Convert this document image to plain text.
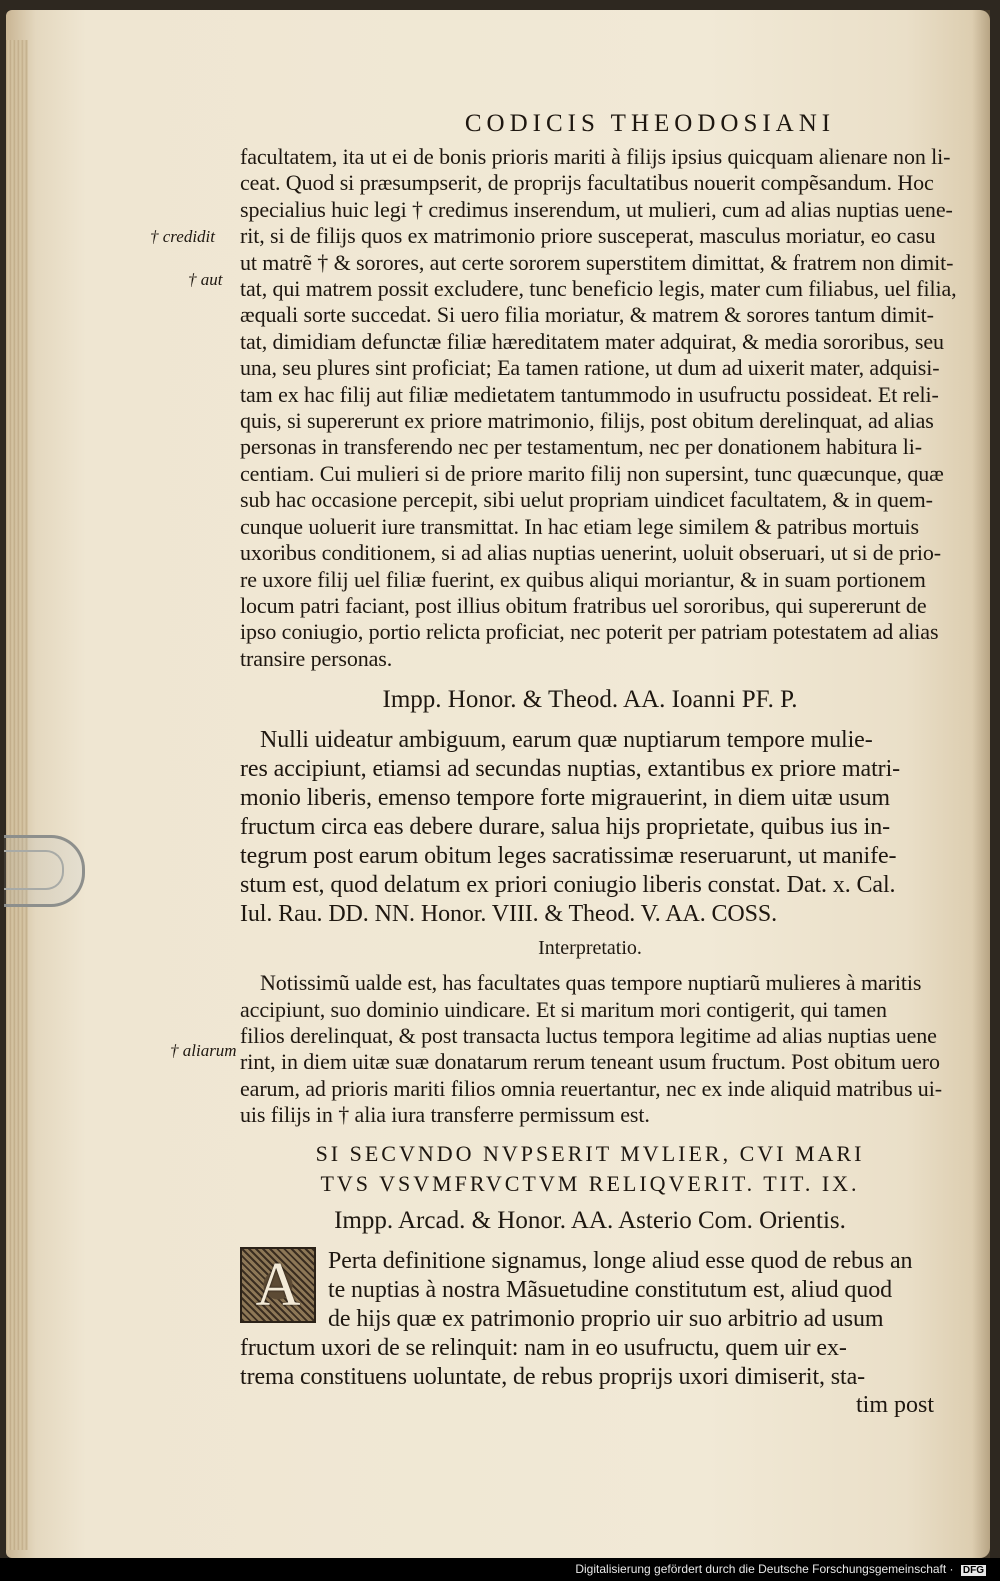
† credidit
† aut
† aliarum
CODICIS THEODOSIANI
facultatem, ita ut ei de bonis prioris mariti à filijs ipsius quicquam alienare non li-
ceat. Quod si præsumpserit, de proprijs facultatibus nouerit compẽsandum. Hoc
specialius huic legi † credimus inserendum, ut mulieri, cum ad alias nuptias uene-
rit, si de filijs quos ex matrimonio priore susceperat, masculus moriatur, eo casu
ut matrẽ † & sorores, aut certe sororem superstitem dimittat, & fratrem non dimit-
tat, qui matrem possit excludere, tunc beneficio legis, mater cum filiabus, uel filia,
æquali sorte succedat. Si uero filia moriatur, & matrem & sorores tantum dimit-
tat, dimidiam defunctæ filiæ hæreditatem mater adquirat, & media sororibus, seu
una, seu plures sint proficiat; Ea tamen ratione, ut dum ad uixerit mater, adquisi-
tam ex hac filij aut filiæ medietatem tantummodo in usufructu possideat. Et reli-
quis, si supererunt ex priore matrimonio, filijs, post obitum derelinquat, ad alias
personas in transferendo nec per testamentum, nec per donationem habitura li-
centiam. Cui mulieri si de priore marito filij non supersint, tunc quæcunque, quæ
sub hac occasione percepit, sibi uelut propriam uindicet facultatem, & in quem-
cunque uoluerit iure transmittat. In hac etiam lege similem & patribus mortuis
uxoribus conditionem, si ad alias nuptias uenerint, uoluit obseruari, ut si de prio-
re uxore filij uel filiæ fuerint, ex quibus aliqui moriantur, & in suam portionem
locum patri faciant, post illius obitum fratribus uel sororibus, qui supererunt de
ipso coniugio, portio relicta proficiat, nec poterit per patriam potestatem ad alias
transire personas.
Impp. Honor. & Theod. AA. Ioanni PF. P.
Nulli uideatur ambiguum, earum quæ nuptiarum tempore mulie-
res accipiunt, etiamsi ad secundas nuptias, extantibus ex priore matri-
monio liberis, emenso tempore forte migrauerint, in diem uitæ usum
fructum circa eas debere durare, salua hijs proprietate, quibus ius in-
tegrum post earum obitum leges sacratissimæ reseruarunt, ut manife-
stum est, quod delatum ex priori coniugio liberis constat. Dat. x. Cal.
Iul. Rau. DD. NN. Honor. VIII. & Theod. V. AA. COSS.
Interpretatio.
Notissimũ ualde est, has facultates quas tempore nuptiarũ mulieres à maritis
accipiunt, suo dominio uindicare. Et si maritum mori contigerit, qui tamen
filios derelinquat, & post transacta luctus tempora legitime ad alias nuptias uene
rint, in diem uitæ suæ donatarum rerum teneant usum fructum. Post obitum uero
earum, ad prioris mariti filios omnia reuertantur, nec ex inde aliquid matribus ui-
uis filijs in † alia iura transferre permissum est.
SI SECVNDO NVPSERIT MVLIER, CVI MARI
TVS VSVMFRVCTVM RELIQVERIT. TIT. IX.
Impp. Arcad. & Honor. AA. Asterio Com. Orientis.
A	Perta definitione signamus, longe aliud esse quod de rebus an
te nuptias à nostra Mãsuetudine constitutum est, aliud quod
de hijs quæ ex patrimonio proprio uir suo arbitrio ad usum
fructum uxori de se relinquit: nam in eo usufructu, quem uir ex-
trema constituens uoluntate, de rebus proprijs uxori dimiserit, sta-
tim post
Digitalisierung gefördert durch die Deutsche Forschungsgemeinschaft · DFG
